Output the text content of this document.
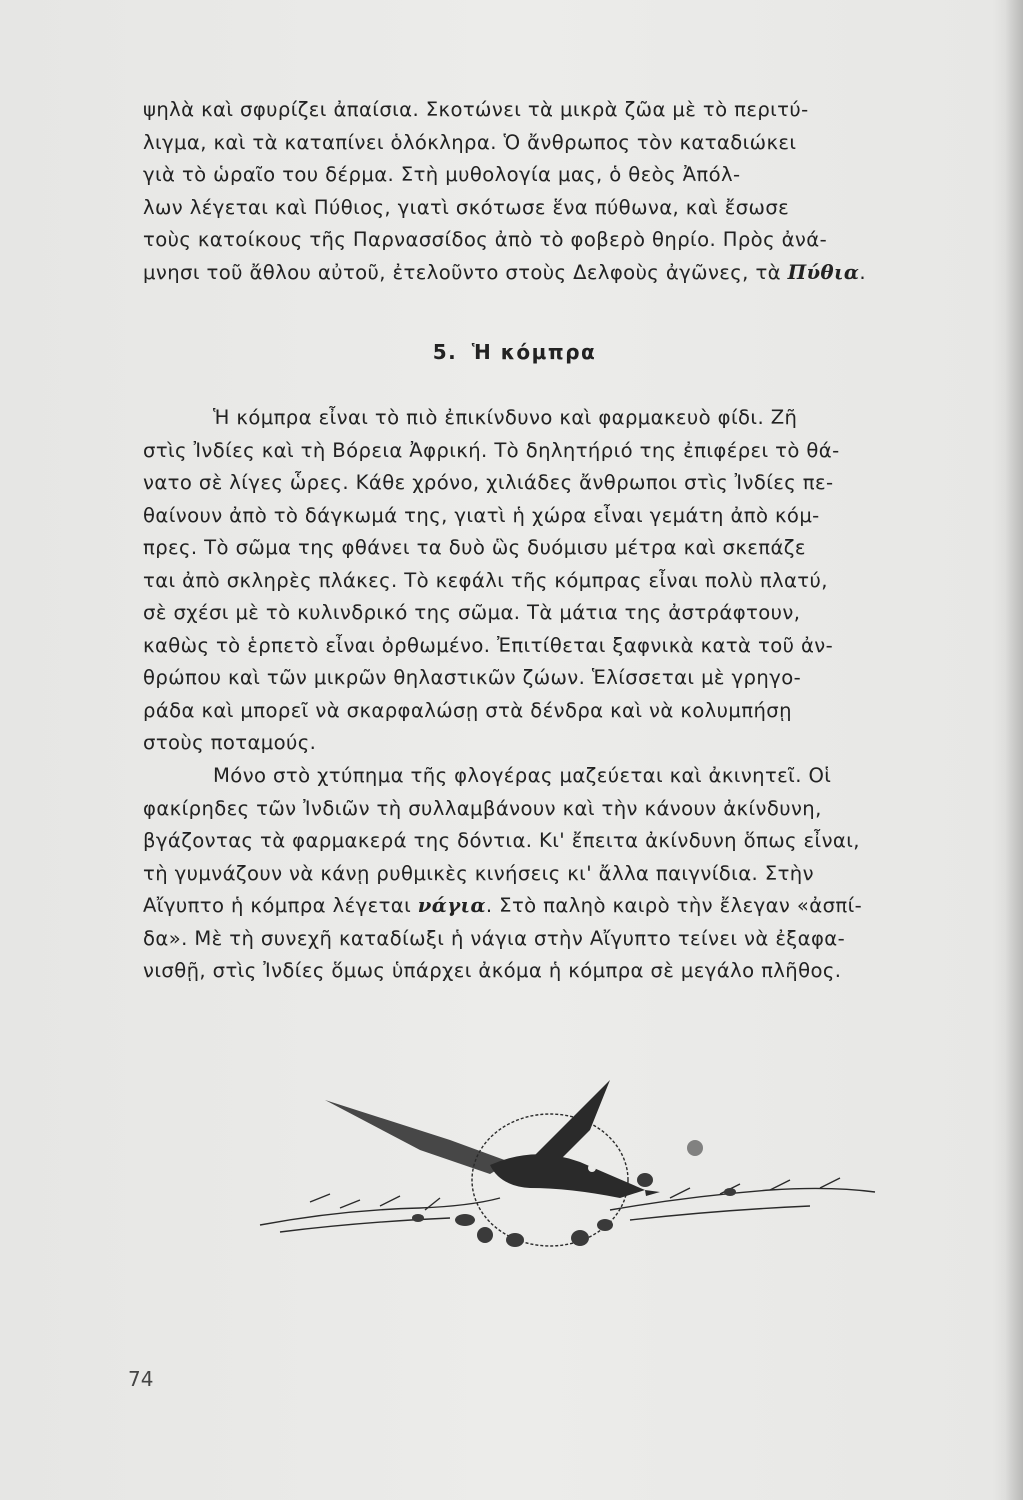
ψηλὰ καὶ σφυρίζει ἀπαίσια. Σκοτώνει τὰ μικρὰ ζῶα μὲ τὸ περιτύ-
λιγμα, καὶ τὰ καταπίνει ὁλόκληρα. Ὁ ἄνθρωπος τὸν καταδιώκει
γιὰ τὸ ὡραῖο του δέρμα. Στὴ μυθολογία μας, ὁ θεὸς Ἀπόλ-
λων λέγεται καὶ Πύθιος, γιατὶ σκότωσε ἕνα πύθωνα, καὶ ἔσωσε
τοὺς κατοίκους τῆς Παρνασσίδος ἀπὸ τὸ φοβερὸ θηρίο. Πρὸς ἀνά-
μνησι τοῦ ἄθλου αὐτοῦ, ἐτελοῦντο στοὺς Δελφοὺς ἀγῶνες, τὰ Πύθια.
5. Ἡ κόμπρα
Ἡ κόμπρα εἶναι τὸ πιὸ ἐπικίνδυνο καὶ φαρμακευὸ φίδι. Ζῆ
στὶς Ἰνδίες καὶ τὴ Βόρεια Ἀφρική. Τὸ δηλητήριό της ἐπιφέρει τὸ θά-
νατο σὲ λίγες ὧρες. Κάθε χρόνο, χιλιάδες ἄνθρωποι στὶς Ἰνδίες πε-
θαίνουν ἀπὸ τὸ δάγκωμά της, γιατὶ ἡ χώρα εἶναι γεμάτη ἀπὸ κόμ-
πρες. Τὸ σῶμα της φθάνει τα δυὸ ὣς δυόμισυ μέτρα καὶ σκεπάζε
ται ἀπὸ σκληρὲς πλάκες. Τὸ κεφάλι τῆς κόμπρας εἶναι πολὺ πλατύ,
σὲ σχέσι μὲ τὸ κυλινδρικό της σῶμα. Τὰ μάτια της ἀστράφτουν,
καθὼς τὸ ἑρπετὸ εἶναι ὀρθωμένο. Ἐπιτίθεται ξαφνικὰ κατὰ τοῦ ἀν-
θρώπου καὶ τῶν μικρῶν θηλαστικῶν ζώων. Ἑλίσσεται μὲ γρηγο-
ράδα καὶ μπορεῖ νὰ σκαρφαλώσῃ στὰ δένδρα καὶ νὰ κολυμπήσῃ
στοὺς ποταμούς.
Μόνο στὸ χτύπημα τῆς φλογέρας μαζεύεται καὶ ἀκινητεῖ. Οἱ
φακίρηδες τῶν Ἰνδιῶν τὴ συλλαμβάνουν καὶ τὴν κάνουν ἀκίνδυνη,
βγάζοντας τὰ φαρμακερά της δόντια. Κι' ἔπειτα ἀκίνδυνη ὅπως εἶναι,
τὴ γυμνάζουν νὰ κάνῃ ρυθμικὲς κινήσεις κι' ἄλλα παιγνίδια. Στὴν
Αἴγυπτο ἡ κόμπρα λέγεται νάγια. Στὸ παληὸ καιρὸ τὴν ἔλεγαν «ἀσπί-
δα». Μὲ τὴ συνεχῆ καταδίωξι ἡ νάγια στὴν Αἴγυπτο τείνει νὰ ἐξαφα-
νισθῇ, στὶς Ἰνδίες ὅμως ὑπάρχει ἀκόμα ἡ κόμπρα σὲ μεγάλο πλῆθος.
74
